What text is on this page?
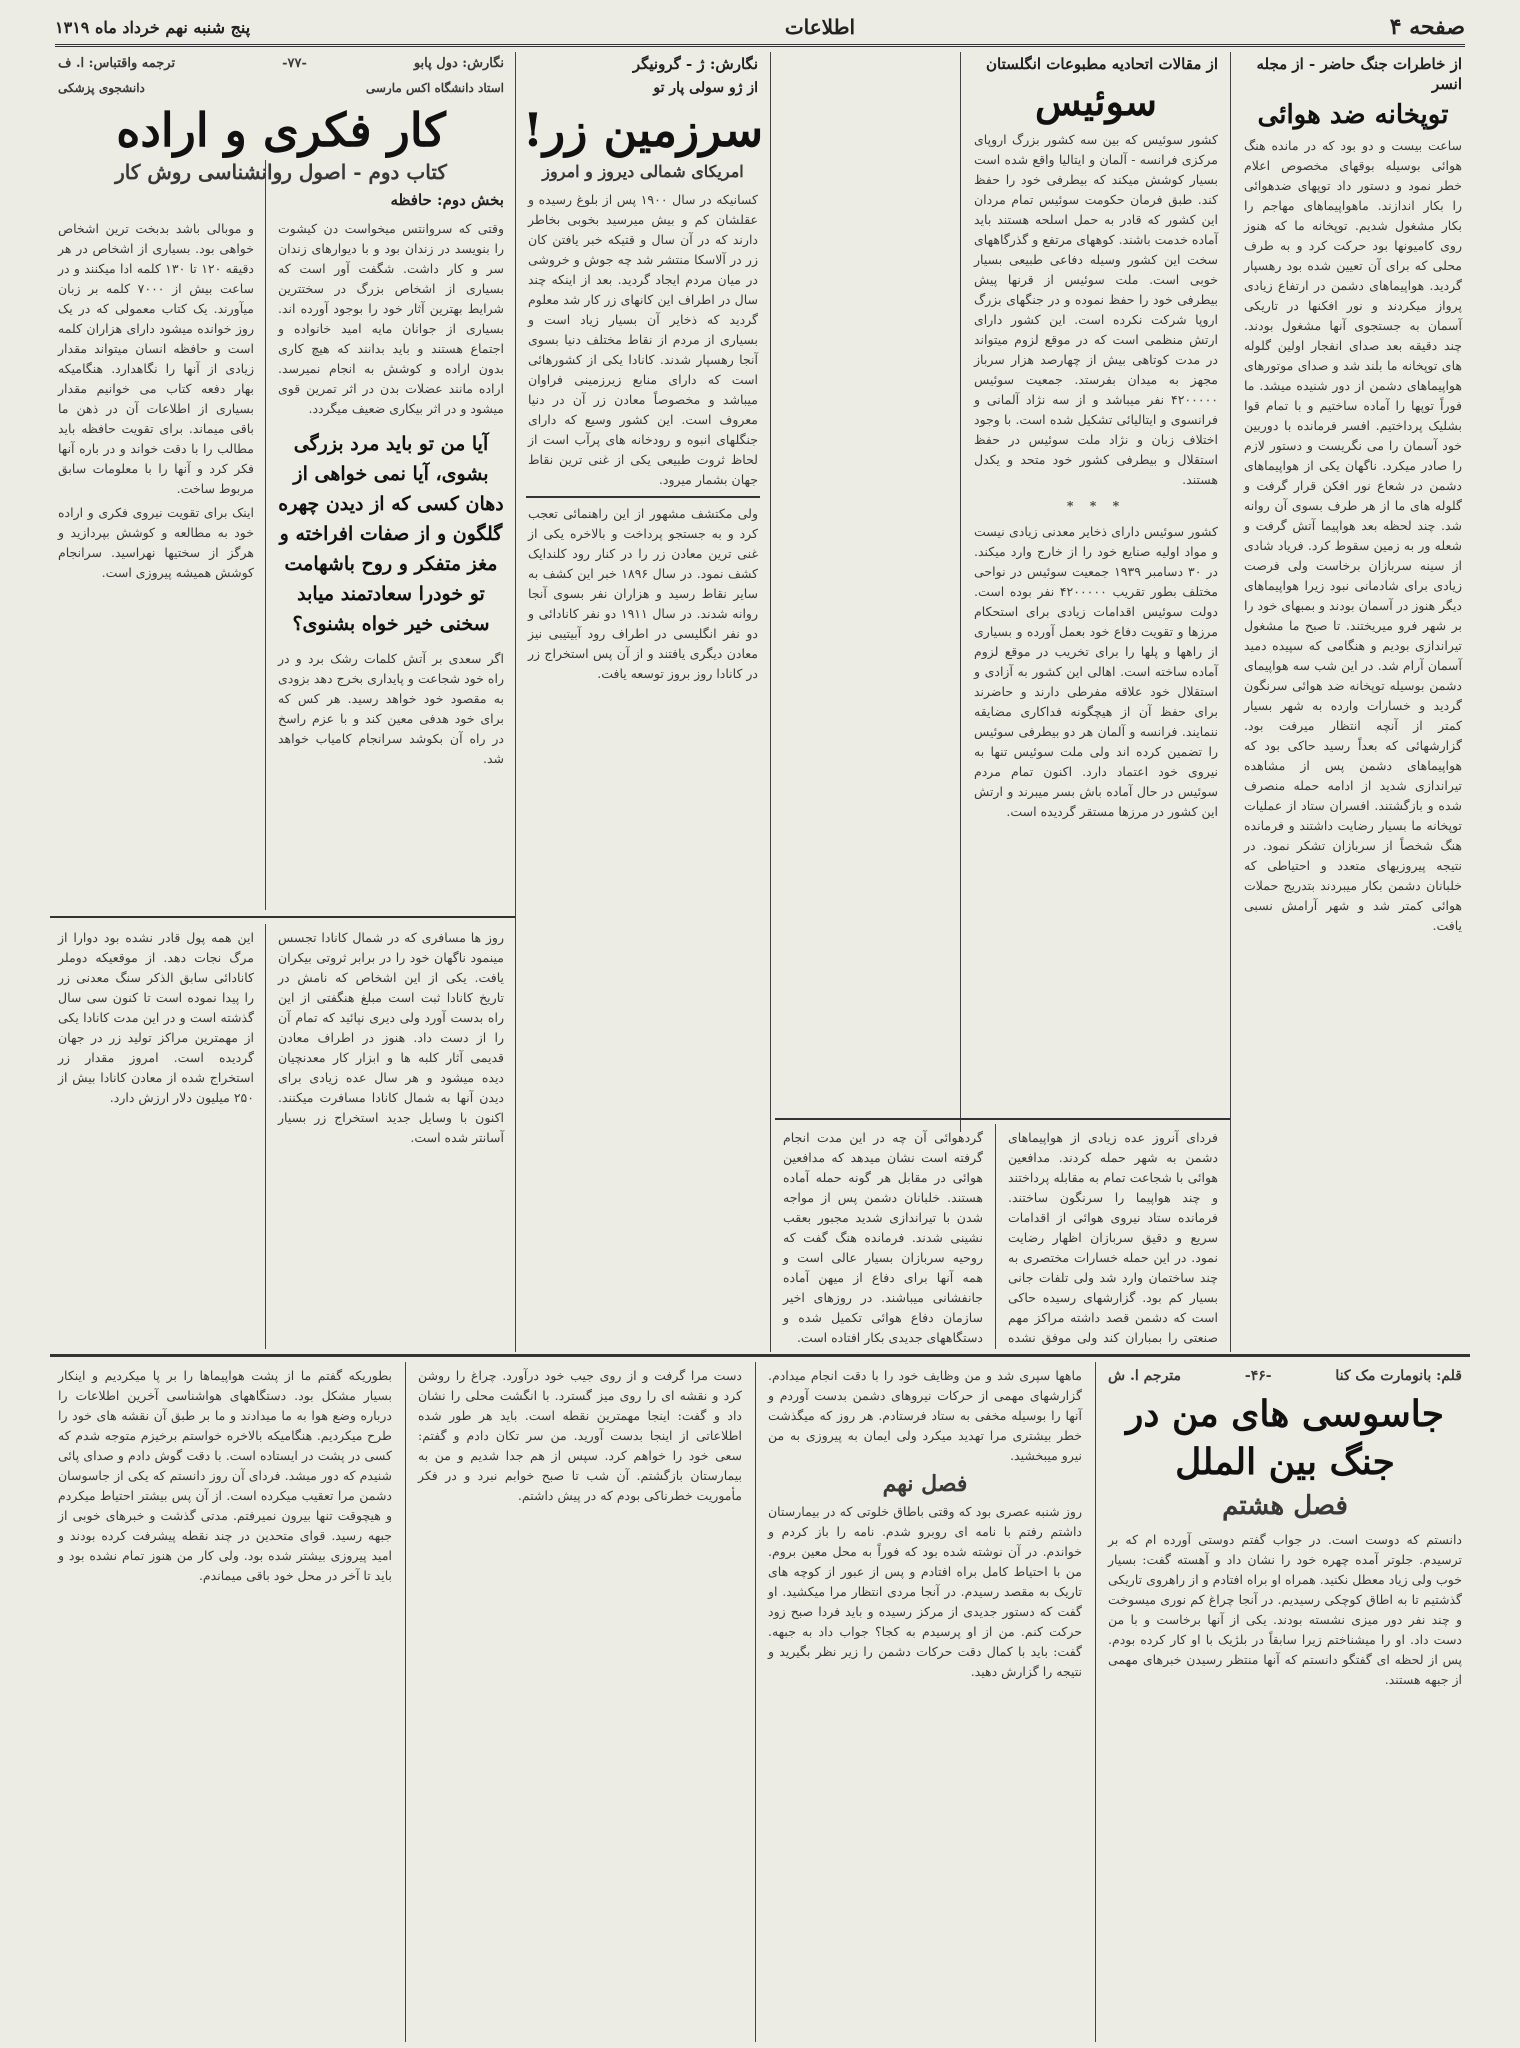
صفحه ۴
اطلاعات
پنج شنبه نهم خرداد ماه ۱۳۱۹
از خاطرات جنگ حاضر - از مجله انسر
توپخانه ضد هوائی
ساعت بیست و دو بود که در مانده هنگ هوائی بوسیله بوقهای مخصوص اعلام خطر نمود و دستور داد توپهای ضدهوائی را بکار اندازند. ماهواپیماهای مهاجم را بکار مشغول شدیم. توپخانه ما که هنوز روی کامیونها بود حرکت کرد و به طرف محلی که برای آن تعیین شده بود رهسپار گردید. هواپیماهای دشمن در ارتفاع زیادی پرواز میکردند و نور افکنها در تاریکی آسمان به جستجوی آنها مشغول بودند. چند دقیقه بعد صدای انفجار اولین گلوله های توپخانه ما بلند شد و صدای موتورهای هواپیماهای دشمن از دور شنیده میشد. ما فوراً توپها را آماده ساختیم و با تمام قوا بشلیک پرداختیم. افسر فرمانده با دوربین خود آسمان را می نگریست و دستور لازم را صادر میکرد. ناگهان یکی از هواپیماهای دشمن در شعاع نور افکن قرار گرفت و گلوله های ما از هر طرف بسوی آن روانه شد. چند لحظه بعد هواپیما آتش گرفت و شعله ور به زمین سقوط کرد. فریاد شادی از سینه سربازان برخاست ولی فرصت زیادی برای شادمانی نبود زیرا هواپیماهای دیگر هنوز در آسمان بودند و بمبهای خود را بر شهر فرو میریختند. تا صبح ما مشغول تیراندازی بودیم و هنگامی که سپیده دمید آسمان آرام شد. در این شب سه هواپیمای دشمن بوسیله توپخانه ضد هوائی سرنگون گردید و خسارات وارده به شهر بسیار کمتر از آنچه انتظار میرفت بود. گزارشهائی که بعداً رسید حاکی بود که هواپیماهای دشمن پس از مشاهده تیراندازی شدید از ادامه حمله منصرف شده و بازگشتند. افسران ستاد از عملیات توپخانه ما بسیار رضایت داشتند و فرمانده هنگ شخصاً از سربازان تشکر نمود. در نتیجه پیروزیهای متعدد و احتیاطی که خلبانان دشمن بکار میبردند بتدریج حملات هوائی کمتر شد و شهر آرامش نسبی یافت.
از مقالات اتحادیه مطبوعات انگلستان
سوئیس
کشور سوئیس که بین سه کشور بزرگ اروپای مرکزی فرانسه - آلمان و ایتالیا واقع شده است بسیار کوشش میکند که بیطرفی خود را حفظ کند. طبق فرمان حکومت سوئیس تمام مردان این کشور که قادر به حمل اسلحه هستند باید آماده خدمت باشند. کوههای مرتفع و گذرگاههای سخت این کشور وسیله دفاعی طبیعی بسیار خوبی است. ملت سوئیس از قرنها پیش بیطرفی خود را حفظ نموده و در جنگهای بزرگ اروپا شرکت نکرده است. این کشور دارای ارتش منظمی است که در موقع لزوم میتواند در مدت کوتاهی بیش از چهارصد هزار سرباز مجهز به میدان بفرستد. جمعیت سوئیس ۴۲۰۰۰۰۰ نفر میباشد و از سه نژاد آلمانی و فرانسوی و ایتالیائی تشکیل شده است. با وجود اختلاف زبان و نژاد ملت سوئیس در حفظ استقلال و بیطرفی کشور خود متحد و یکدل هستند.
* * *
کشور سوئیس دارای ذخایر معدنی زیادی نیست و مواد اولیه صنایع خود را از خارج وارد میکند. در ۳۰ دسامبر ۱۹۳۹ جمعیت سوئیس در نواحی مختلف بطور تقریب ۴۲۰۰۰۰۰ نفر بوده است. دولت سوئیس اقدامات زیادی برای استحکام مرزها و تقویت دفاع خود بعمل آورده و بسیاری از راهها و پلها را برای تخریب در موقع لزوم آماده ساخته است. اهالی این کشور به آزادی و استقلال خود علاقه مفرطی دارند و حاضرند برای حفظ آن از هیچگونه فداکاری مضایقه ننمایند. فرانسه و آلمان هر دو بیطرفی سوئیس را تضمین کرده اند ولی ملت سوئیس تنها به نیروی خود اعتماد دارد. اکنون تمام مردم سوئیس در حال آماده باش بسر میبرند و ارتش این کشور در مرزها مستقر گردیده است.
نگارش: ژ - گرونیگر
از ژو سولی پار تو
سرزمین زر!
امریکای شمالی دیروز و امروز
کسانیکه در سال ۱۹۰۰ پس از بلوغ رسیده و عقلشان کم و بیش میرسید بخوبی بخاطر دارند که در آن سال و قتیکه خبر یافتن کان زر در آلاسکا منتشر شد چه جوش و خروشی در میان مردم ایجاد گردید. بعد از اینکه چند سال در اطراف این کانهای زر کار شد معلوم گردید که ذخایر آن بسیار زیاد است و بسیاری از مردم از نقاط مختلف دنیا بسوی آنجا رهسپار شدند. کانادا یکی از کشورهائی است که دارای منابع زیرزمینی فراوان میباشد و مخصوصاً معادن زر آن در دنیا معروف است. این کشور وسیع که دارای جنگلهای انبوه و رودخانه های پرآب است از لحاظ ثروت طبیعی یکی از غنی ترین نقاط جهان بشمار میرود.
ولی مکتشف مشهور از این راهنمائی تعجب کرد و به جستجو پرداخت و بالاخره یکی از غنی ترین معادن زر را در کنار رود کلندایک کشف نمود. در سال ۱۸۹۶ خبر این کشف به سایر نقاط رسید و هزاران نفر بسوی آنجا روانه شدند. در سال ۱۹۱۱ دو نفر کانادائی و دو نفر انگلیسی در اطراف رود آبیتیبی نیز معادن دیگری یافتند و از آن پس استخراج زر در کانادا روز بروز توسعه یافت.
نگارش: دول پابو
-۷۷-
ترجمه واقتباس: ا. ف
استاد دانشگاه اکس مارسی
دانشجوی پزشکی
کار فکری و اراده
کتاب دوم - اصول روانشناسی روش کار
بخش دوم: حافظه
وقتی که سروانتس میخواست دن کیشوت را بنویسد در زندان بود و با دیوارهای زندان سر و کار داشت. شگفت آور است که بسیاری از اشخاص بزرگ در سختترین شرایط بهترین آثار خود را بوجود آورده اند. بسیاری از جوانان مایه امید خانواده و اجتماع هستند و باید بدانند که هیچ کاری بدون اراده و کوشش به انجام نمیرسد. اراده مانند عضلات بدن در اثر تمرین قوی میشود و در اثر بیکاری ضعیف میگردد.
آیا من تو باید مرد بزرگی بشوی، آیا نمی خواهی از دهان کسی که از دیدن چهره گلگون و از صفات افراخته و مغز متفکر و روح باشهامت تو خودرا سعادتمند میابد سخنی خیر خواه بشنوی؟
اگر سعدی بر آتش کلمات رشک برد و در راه خود شجاعت و پایداری بخرج دهد بزودی به مقصود خود خواهد رسید. هر کس که برای خود هدفی معین کند و با عزم راسخ در راه آن بکوشد سرانجام کامیاب خواهد شد.
و موبالی باشد بدبخت ترین اشخاص خواهی بود. بسیاری از اشخاص در هر دقیقه ۱۲۰ تا ۱۳۰ کلمه ادا میکنند و در ساعت بیش از ۷۰۰۰ کلمه بر زبان میآورند. یک کتاب معمولی که در یک روز خوانده میشود دارای هزاران کلمه است و حافظه انسان میتواند مقدار زیادی از آنها را نگاهدارد. هنگامیکه بهار دفعه کتاب می خوانیم مقدار بسیاری از اطلاعات آن در ذهن ما باقی میماند. برای تقویت حافظه باید مطالب را با دقت خواند و در باره آنها فکر کرد و آنها را با معلومات سابق مربوط ساخت.
اینک برای تقویت نیروی فکری و اراده خود به مطالعه و کوشش بپردازید و هرگز از سختیها نهراسید. سرانجام کوشش همیشه پیروزی است.
این همه پول قادر نشده بود دوارا از مرگ نجات دهد. از موقعیکه دوملر کانادائی سابق الذکر سنگ معدنی زر را پیدا نموده است تا کنون سی سال گذشته است و در این مدت کانادا یکی از مهمترین مراکز تولید زر در جهان گردیده است. امروز مقدار زر استخراج شده از معادن کانادا بیش از ۲۵۰ میلیون دلار ارزش دارد.
روز ها مسافری که در شمال کانادا تجسس مینمود ناگهان خود را در برابر ثروتی بیکران یافت. یکی از این اشخاص که نامش در تاریخ کانادا ثبت است مبلغ هنگفتی از این راه بدست آورد ولی دیری نپائید که تمام آن را از دست داد. هنوز در اطراف معادن قدیمی آثار کلبه ها و ابزار کار معدنچیان دیده میشود و هر سال عده زیادی برای دیدن آنها به شمال کانادا مسافرت میکنند. اکنون با وسایل جدید استخراج زر بسیار آسانتر شده است.	فردای آنروز عده زیادی از هواپیماهای دشمن به شهر حمله کردند. مدافعین هوائی با شجاعت تمام به مقابله پرداختند و چند هواپیما را سرنگون ساختند. فرمانده ستاد نیروی هوائی از اقدامات سریع و دقیق سربازان اظهار رضایت نمود. در این حمله خسارات مختصری به چند ساختمان وارد شد ولی تلفات جانی بسیار کم بود. گزارشهای رسیده حاکی است که دشمن قصد داشته مراکز مهم صنعتی را بمباران کند ولی موفق نشده
گردهوائی آن چه در این مدت انجام گرفته است نشان میدهد که مدافعین هوائی در مقابل هر گونه حمله آماده هستند. خلبانان دشمن پس از مواجه شدن با تیراندازی شدید مجبور بعقب نشینی شدند. فرمانده هنگ گفت که روحیه سربازان بسیار عالی است و همه آنها برای دفاع از میهن آماده جانفشانی میباشند. در روزهای اخیر سازمان دفاع هوائی تکمیل شده و دستگاههای جدیدی بکار افتاده است.
قلم: بانومارت مک کنا
-۴۶-
مترجم ا. ش
جاسوسی های من در جنگ بین الملل
فصل هشتم
دانستم که دوست است. در جواب گفتم دوستی آورده ام که بر ترسیدم. جلوتر آمده چهره خود را نشان داد و آهسته گفت: بسیار خوب ولی زیاد معطل نکنید. همراه او براه افتادم و از راهروی تاریکی گذشتیم تا به اطاق کوچکی رسیدیم. در آنجا چراغ کم نوری میسوخت و چند نفر دور میزی نشسته بودند. یکی از آنها برخاست و با من دست داد. او را میشناختم زیرا سابقاً در بلژیک با او کار کرده بودم. پس از لحظه ای گفتگو دانستم که آنها منتظر رسیدن خبرهای مهمی از جبهه هستند.
ماهها سپری شد و من وظایف خود را با دقت انجام میدادم. گزارشهای مهمی از حرکات نیروهای دشمن بدست آوردم و آنها را بوسیله مخفی به ستاد فرستادم. هر روز که میگذشت خطر بیشتری مرا تهدید میکرد ولی ایمان به پیروزی به من نیرو میبخشید.
فصل نهم
روز شنبه عصری بود که وقتی باطاق خلوتی که در بیمارستان داشتم رفتم با نامه ای روبرو شدم. نامه را باز کردم و خواندم. در آن نوشته شده بود که فوراً به محل معین بروم. من با احتیاط کامل براه افتادم و پس از عبور از کوچه های تاریک به مقصد رسیدم. در آنجا مردی انتظار مرا میکشید. او گفت که دستور جدیدی از مرکز رسیده و باید فردا صبح زود حرکت کنم. من از او پرسیدم به کجا؟ جواب داد به جبهه. گفت: باید با کمال دقت حرکات دشمن را زیر نظر بگیرید و نتیجه را گزارش دهید.
دست مرا گرفت و از روی جیب خود درآورد. چراغ را روشن کرد و نقشه ای را روی میز گسترد. با انگشت محلی را نشان داد و گفت: اینجا مهمترین نقطه است. باید هر طور شده اطلاعاتی از اینجا بدست آورید. من سر تکان دادم و گفتم: سعی خود را خواهم کرد. سپس از هم جدا شدیم و من به بیمارستان بازگشتم. آن شب تا صبح خوابم نبرد و در فکر مأموریت خطرناکی بودم که در پیش داشتم.
بطوریکه گفتم ما از پشت هواپیماها را بر پا میکردیم و اینکار بسیار مشکل بود. دستگاههای هواشناسی آخرین اطلاعات را درباره وضع هوا به ما میدادند و ما بر طبق آن نقشه های خود را طرح میکردیم. هنگامیکه بالاخره خواستم برخیزم متوجه شدم که کسی در پشت در ایستاده است. با دقت گوش دادم و صدای پائی شنیدم که دور میشد. فردای آن روز دانستم که یکی از جاسوسان دشمن مرا تعقیب میکرده است. از آن پس بیشتر احتیاط میکردم و هیچوقت تنها بیرون نمیرفتم. مدتی گذشت و خبرهای خوبی از جبهه رسید. قوای متحدین در چند نقطه پیشرفت کرده بودند و امید پیروزی بیشتر شده بود. ولی کار من هنوز تمام نشده بود و باید تا آخر در محل خود باقی میماندم.
